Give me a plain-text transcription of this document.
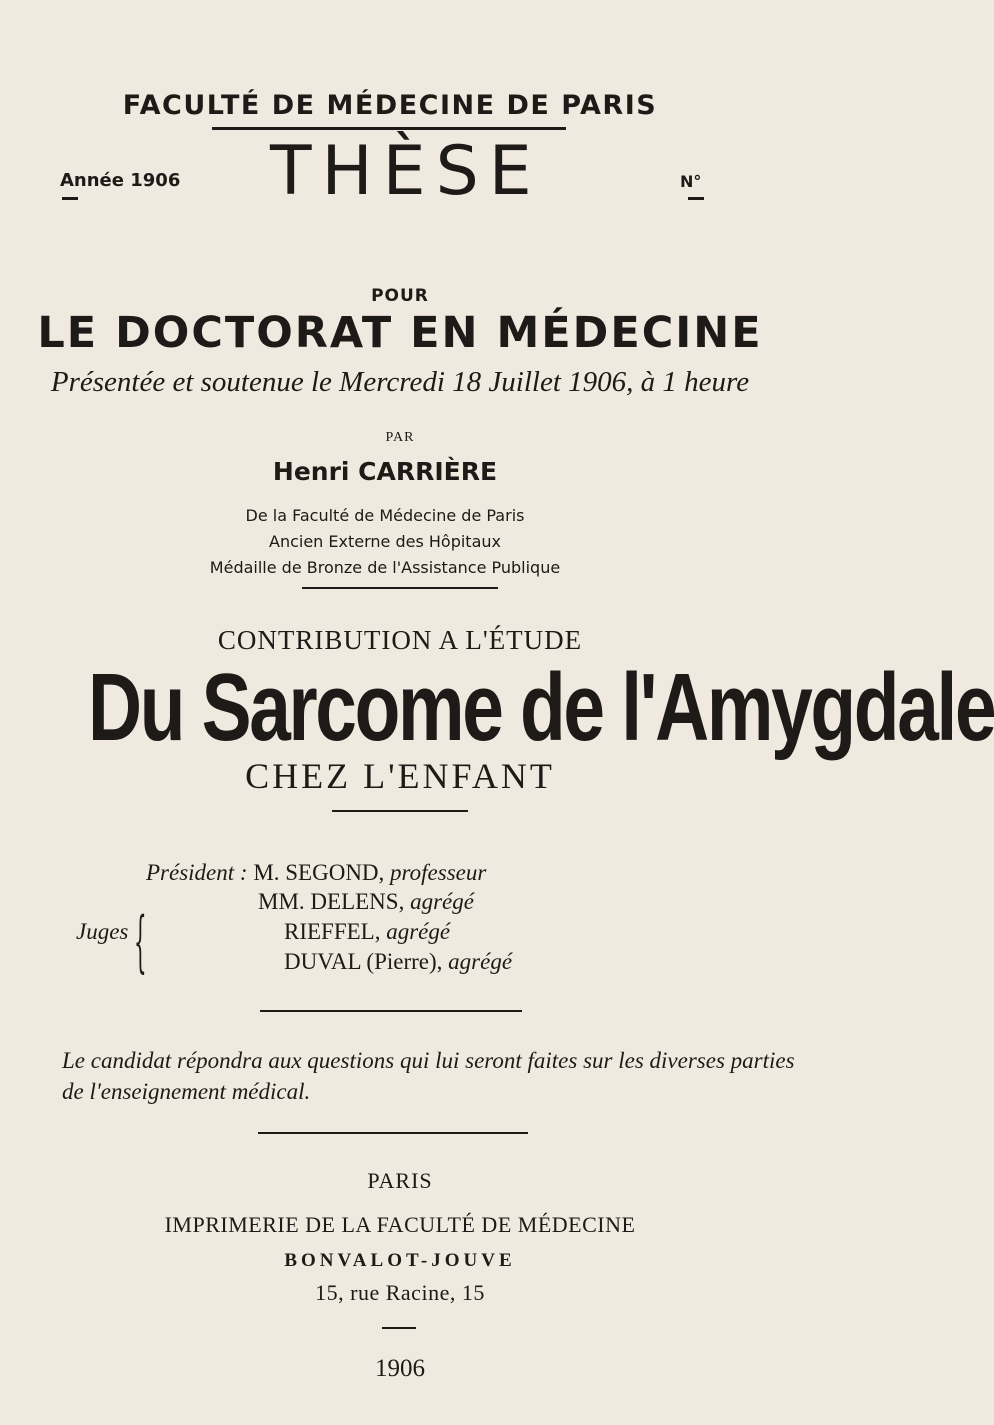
FACULTÉ DE MÉDECINE DE PARIS
Année 1906 THÈSE	N°
POUR
LE DOCTORAT EN MÉDECINE
Présentée et soutenue le Mercredi 18 Juillet 1906, à 1 heure
PAR
Henri CARRIÈRE
De la Faculté de Médecine de Paris
Ancien Externe des Hôpitaux
Médaille de Bronze de l'Assistance Publique
CONTRIBUTION A L'ÉTUDE
Du Sarcome de l'Amygdale
CHEZ L'ENFANT
Président : M. SEGOND, professeur
MM. DELENS, agrégé
Juges {	RIEFFEL, agrégé
DUVAL (Pierre), agrégé
Le candidat répondra aux questions qui lui seront faites sur les diverses parties de l'enseignement médical.
PARIS
IMPRIMERIE DE LA FACULTÉ DE MÉDECINE
BONVALOT-JOUVE
15, rue Racine, 15
1906
